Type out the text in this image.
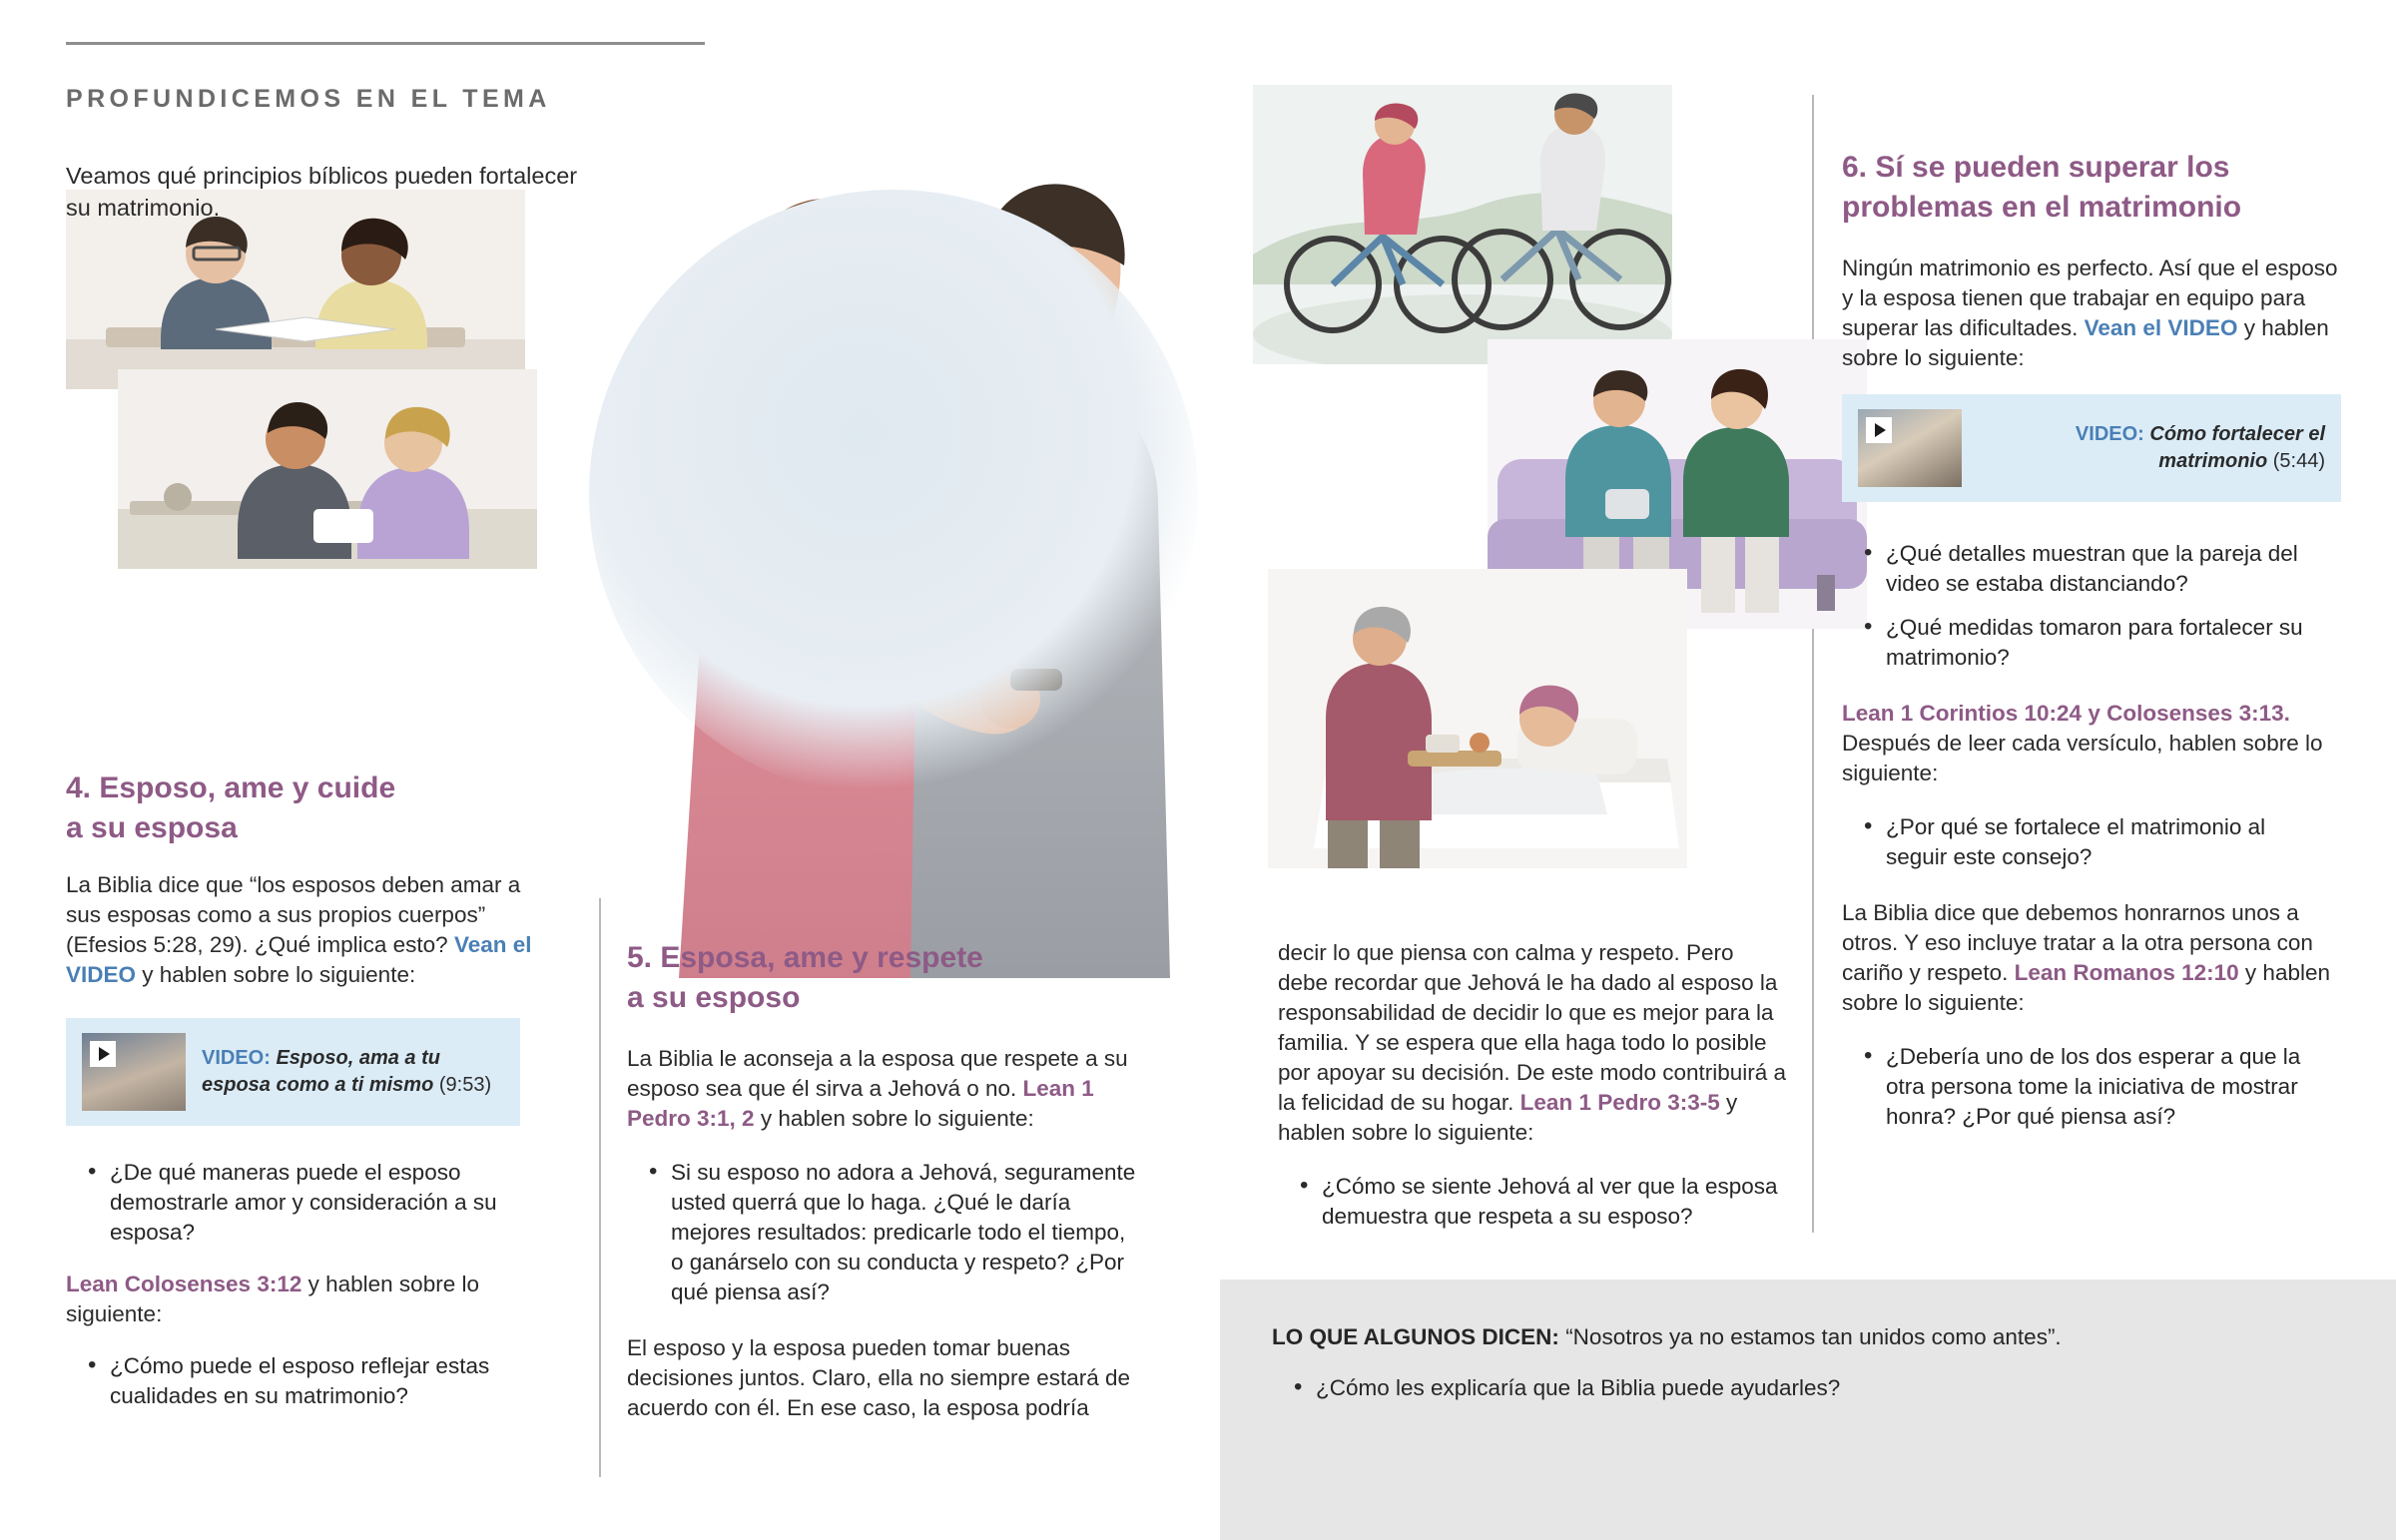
PROFUNDICEMOS EN EL TEMA
Veamos qué principios bíblicos pueden fortalecer su matrimonio.
4. Esposo, ame y cuide
a su esposa

La Biblia dice que “los esposos deben amar a sus esposas como a sus propios cuerpos” (Efesios 5:28, 29). ¿Qué implica esto? Vean el VIDEO y hablen sobre lo siguiente:

VIDEO: Esposo, ama a tu esposa como a ti mismo (9:53)
• ¿De qué maneras puede el esposo demostrarle amor y consideración a su esposa?

Lean Colosenses 3:12 y hablen sobre lo siguiente:

• ¿Cómo puede el esposo reflejar estas cualidades en su matrimonio?
5. Esposa, ame y respete
a su esposo

La Biblia le aconseja a la esposa que respete a su esposo sea que él sirva a Jehová o no. Lean 1 Pedro 3:1, 2 y hablen sobre lo siguiente:

• Si su esposo no adora a Jehová, seguramente usted querrá que lo haga. ¿Qué le daría mejores resultados: predicarle todo el tiempo, o ganárselo con su conducta y respeto? ¿Por qué piensa así?

El esposo y la esposa pueden tomar buenas decisiones juntos. Claro, ella no siempre estará de acuerdo con él. En ese caso, la esposa podría

decir lo que piensa con calma y respeto. Pero debe recordar que Jehová le ha dado al esposo la responsabilidad de decidir lo que es mejor para la familia. Y se espera que ella haga todo lo posible por apoyar su decisión. De este modo contribuirá a la felicidad de su hogar. Lean 1 Pedro 3:3-5 y hablen sobre lo siguiente:

• ¿Cómo se siente Jehová al ver que la esposa demuestra que respeta a su esposo?
6. Sí se pueden superar los
problemas en el matrimonio

Ningún matrimonio es perfecto. Así que el esposo y la esposa tienen que trabajar en equipo para superar las dificultades. Vean el VIDEO y hablen sobre lo siguiente:

VIDEO: Cómo fortalecer el matrimonio (5:44)
• ¿Qué detalles muestran que la pareja del video se estaba distanciando?
• ¿Qué medidas tomaron para fortalecer su matrimonio?

Lean 1 Corintios 10:24 y Colosenses 3:13. Después de leer cada versículo, hablen sobre lo siguiente:

• ¿Por qué se fortalece el matrimonio al seguir este consejo?

La Biblia dice que debemos honrarnos unos a otros. Y eso incluye tratar a la otra persona con cariño y respeto. Lean Romanos 12:10 y hablen sobre lo siguiente:

• ¿Debería uno de los dos esperar a que la otra persona tome la iniciativa de mostrar honra? ¿Por qué piensa así?
LO QUE ALGUNOS DICEN: “Nosotros ya no estamos tan unidos como antes”.
• ¿Cómo les explicaría que la Biblia puede ayudarles?
